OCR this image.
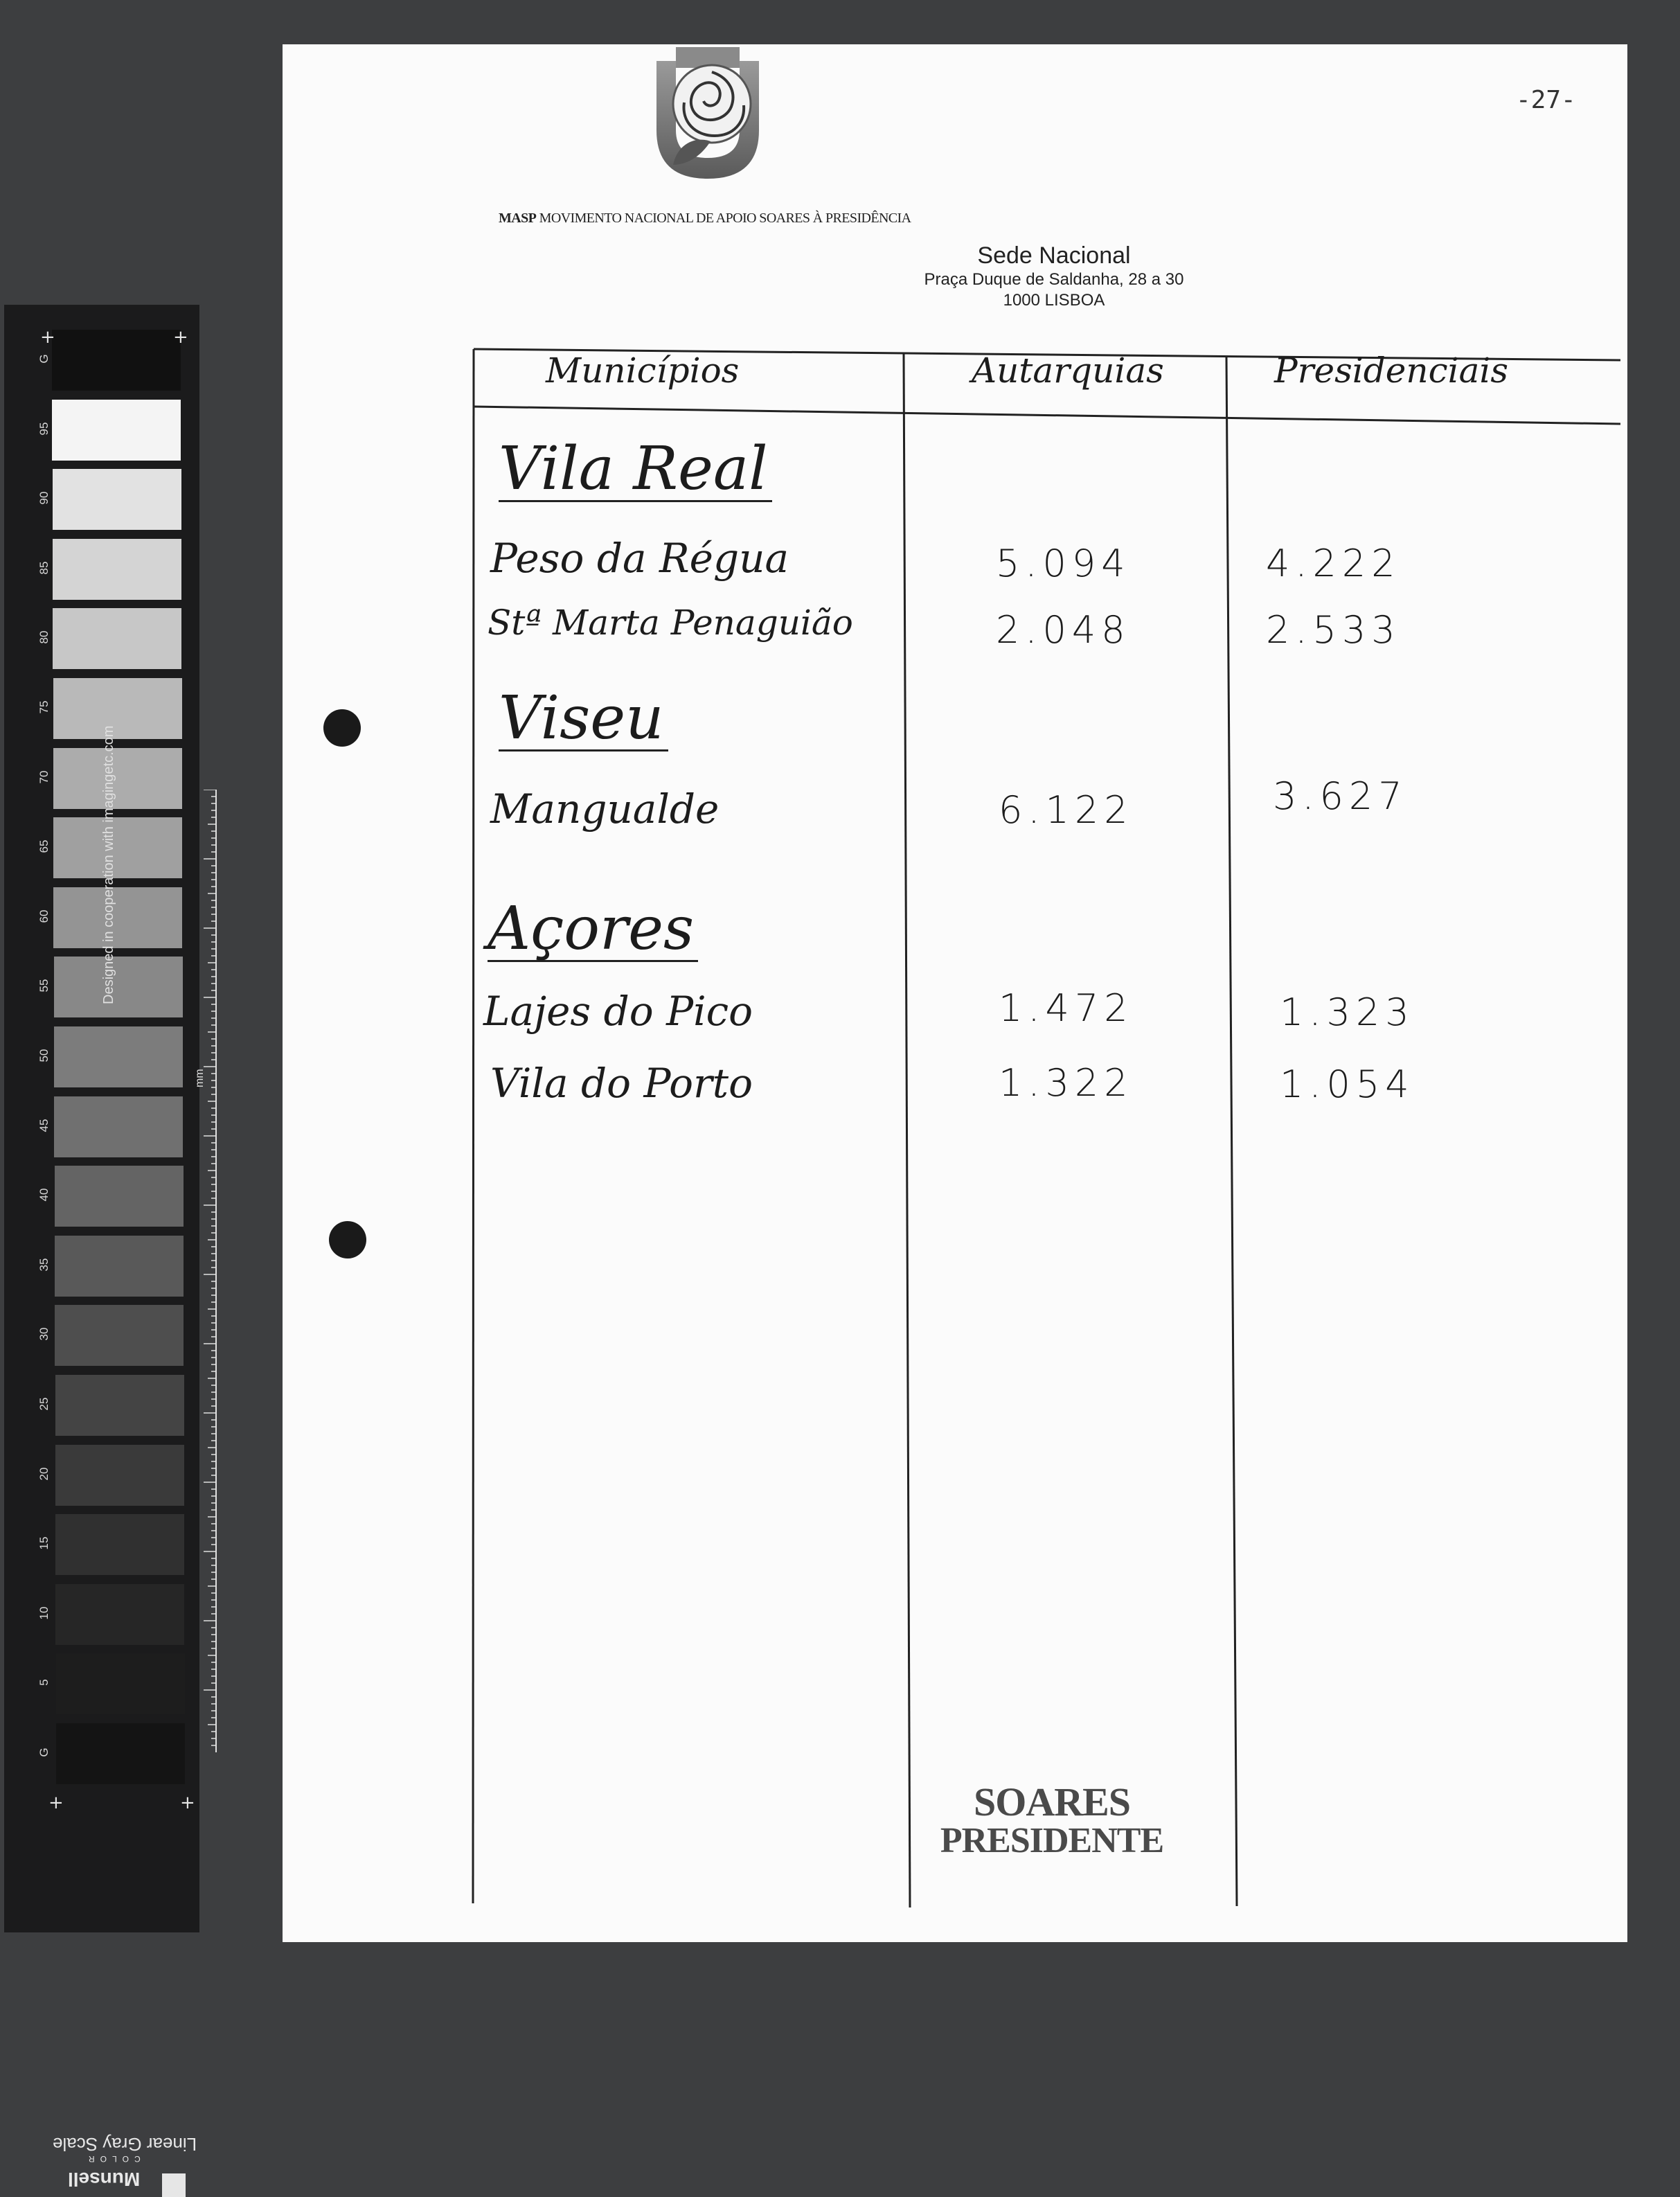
G
95
90
85
80
75
70
65
60
55
50
45
40
35
30
25
20
15
10
5
G
+	+
+	+
Designed in cooperation with imagingetc.com
mm
Linear Gray Scale
Munsell
COLOR
-27-
MASP MOVIMENTO NACIONAL DE APOIO SOARES À PRESIDÊNCIA
Sede Nacional
Praça Duque de Saldanha, 28 a 30
1000 LISBOA
Municípios	Autarquias	Presidenciais
Vila Real
Peso da Régua	5.094	4.222
Stª Marta Penaguião	2.048	2.533
Viseu
Mangualde	6.122	3.627
Açores
Lajes do Pico	1.472	1.323
Vila do Porto	1.322	1.054
SOARES
PRESIDENTE
